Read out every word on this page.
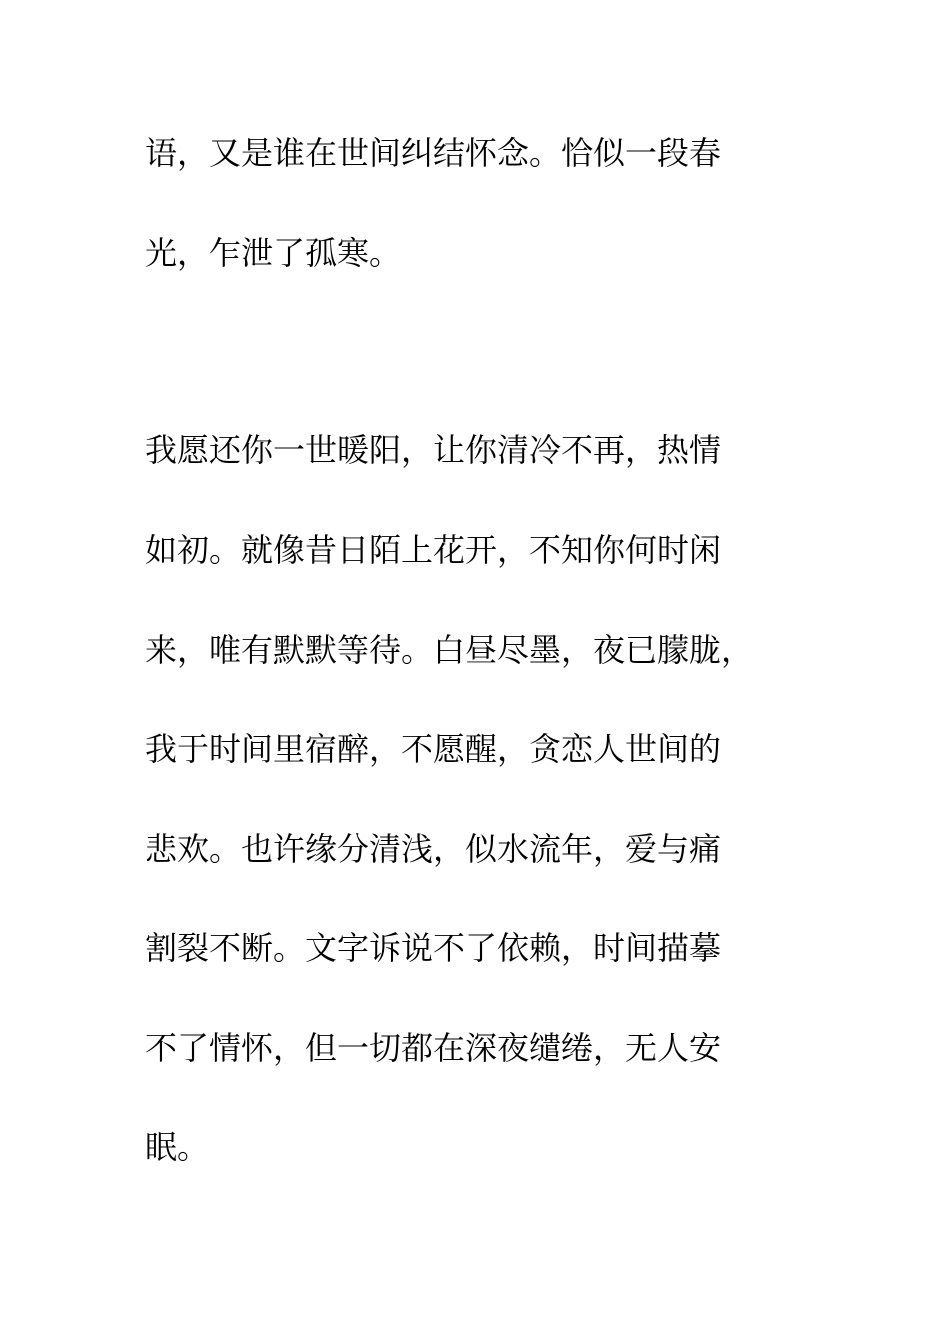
语，又是谁在世间纠结怀念。恰似一段春

光，乍泄了孤寒。

我愿还你一世暖阳，让你清冷不再，热情

如初。就像昔日陌上花开，不知你何时闲

来，唯有默默等待。白昼尽墨，夜已朦胧，

我于时间里宿醉，不愿醒，贪恋人世间的

悲欢。也许缘分清浅，似水流年，爱与痛

割裂不断。文字诉说不了依赖，时间描摹

不了情怀，但一切都在深夜缱绻，无人安

眠。
